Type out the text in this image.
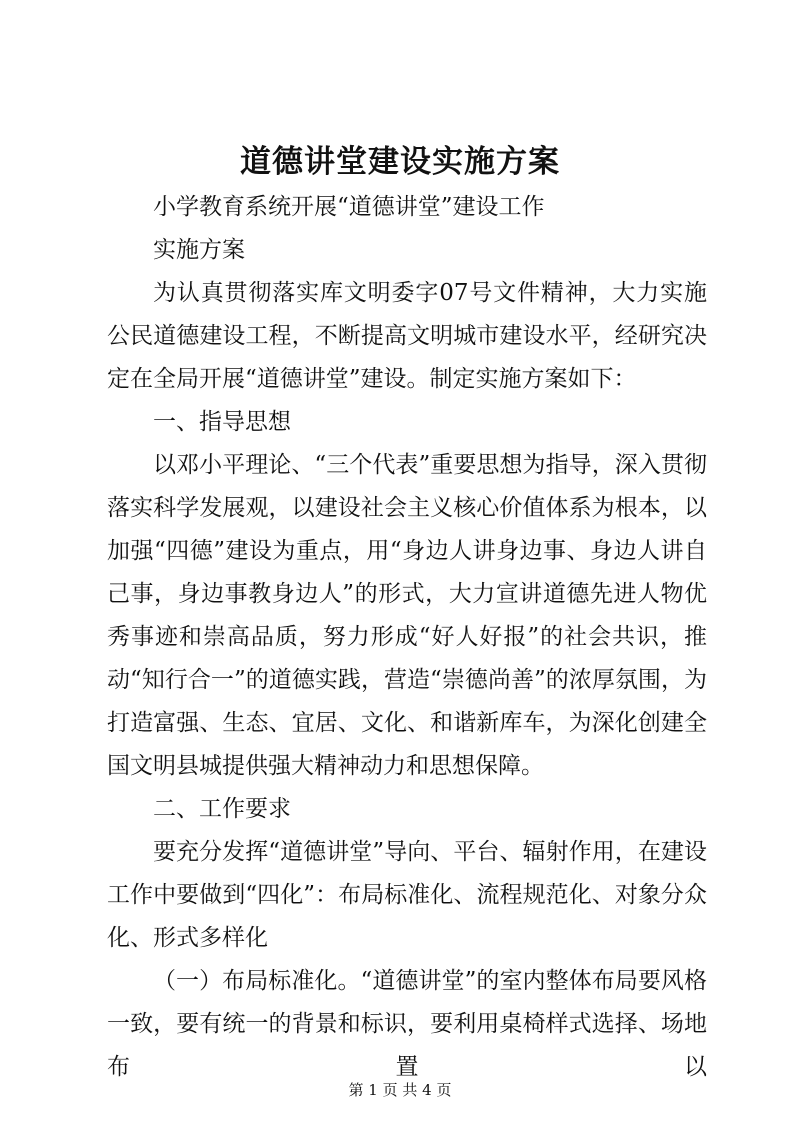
道德讲堂建设实施方案

小学教育系统开展“道德讲堂”建设工作

实施方案

为认真贯彻落实库文明委字07号文件精神，大力实施公民道德建设工程，不断提高文明城市建设水平，经研究决定在全局开展“道德讲堂”建设。制定实施方案如下：

一、指导思想

以邓小平理论、“三个代表”重要思想为指导，深入贯彻落实科学发展观，以建设社会主义核心价值体系为根本，以加强“四德”建设为重点，用“身边人讲身边事、身边人讲自己事，身边事教身边人”的形式，大力宣讲道德先进人物优秀事迹和崇高品质，努力形成“好人好报”的社会共识，推动“知行合一”的道德实践，营造“崇德尚善”的浓厚氛围，为打造富强、生态、宜居、文化、和谐新库车，为深化创建全国文明县城提供强大精神动力和思想保障。

二、工作要求

要充分发挥“道德讲堂”导向、平台、辐射作用，在建设工作中要做到“四化”：布局标准化、流程规范化、对象分众化、形式多样化

（一）布局标准化。“道德讲堂”的室内整体布局要风格一致，要有统一的背景和标识，要利用桌椅样式选择、场地布置以

第 1 页 共 4 页
